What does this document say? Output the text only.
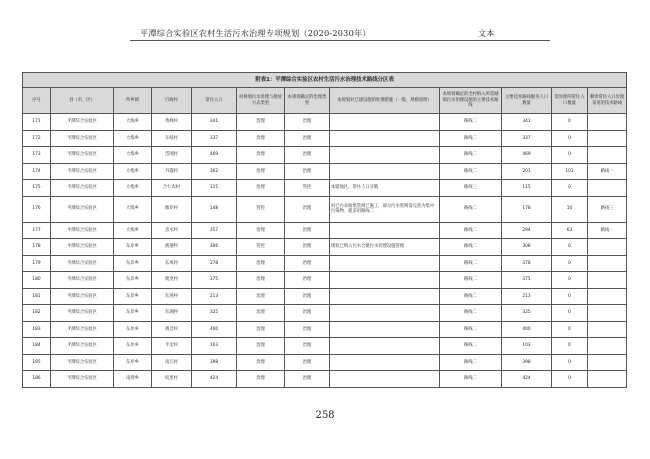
平潭综合实验区农村生活污水治理专项规划（2020-2030年）	文本
附表1：平潭综合实验区农村生活污水治理技术路线分区表											
序号	县（市、区）	所乡镇	行政村	常住人口	村规划污水处理与排放方式类型	本规划确定的治理类型	本规划对已建设施的处理措施（一般，规模说明）	本规划确定的全村纳入所需城镇污水治理设施的主要技术路线	主要技术路线服务人口数量	需处理的常住人口数量	剩余常住人口处理采用的技术路线
171	平潭综合实验区	大练乡	秀峰村	341	治理	治理		路线二	341	0	
172	平潭综合实验区	大练乡	东岐村	337	治理	治理		路线二	337	0	
173	平潭综合实验区	大练乡	岱围村	469	治理	治理		路线二	469	0	
174	平潭综合实验区	大练乡	丹霞村	302	治理	治理		路线二	201	101	路线一
175	平潭综合实验区	大练乡	合仁农村	115	治理	管控	本辖地区，常住人口分散	路线三	115	0	
176	平潭综合实验区	大练乡	塘岸村	148	管控	治理	村已污水收集管网已施工，部分污水管网需完善为集中污染物、就采用路线二	路线二	178	10	路线三
177	平潭综合实验区	大练乡	焉水村	357	治理	治理		路线二	294	63	路线一
178	平潭综合实验区	东岸乡	渔港村	306	管控	治理	现状已纳入污水合建污水处理设施管理	路线二	306	0	
179	平潭综合实验区	东岸乡	东凤村	378	治理	治理		路线二	378	0	
180	平潭综合实验区	东岸乡	澳里村	375	治理	治理		路线二	375	0	
181	平潭综合实验区	东岸乡	东进村	213	治理	治理		路线二	213	0	
182	平潭综合实验区	东岸乡	东湖村	325	治理	治理		路线二	325	0	
183	平潭综合实验区	东岸乡	观音村	400	治理	治理		路线二	400	0	
184	平潭综合实验区	东岸乡	平北村	103	治理	治理		路线二	103	0	
185	平潭综合实验区	东岸乡	南江村	398	治理	治理		路线二	398	0	
186	平潭综合实验区	南湾乡	坂里村	424	治理	治理		路线二	424	0	
258
